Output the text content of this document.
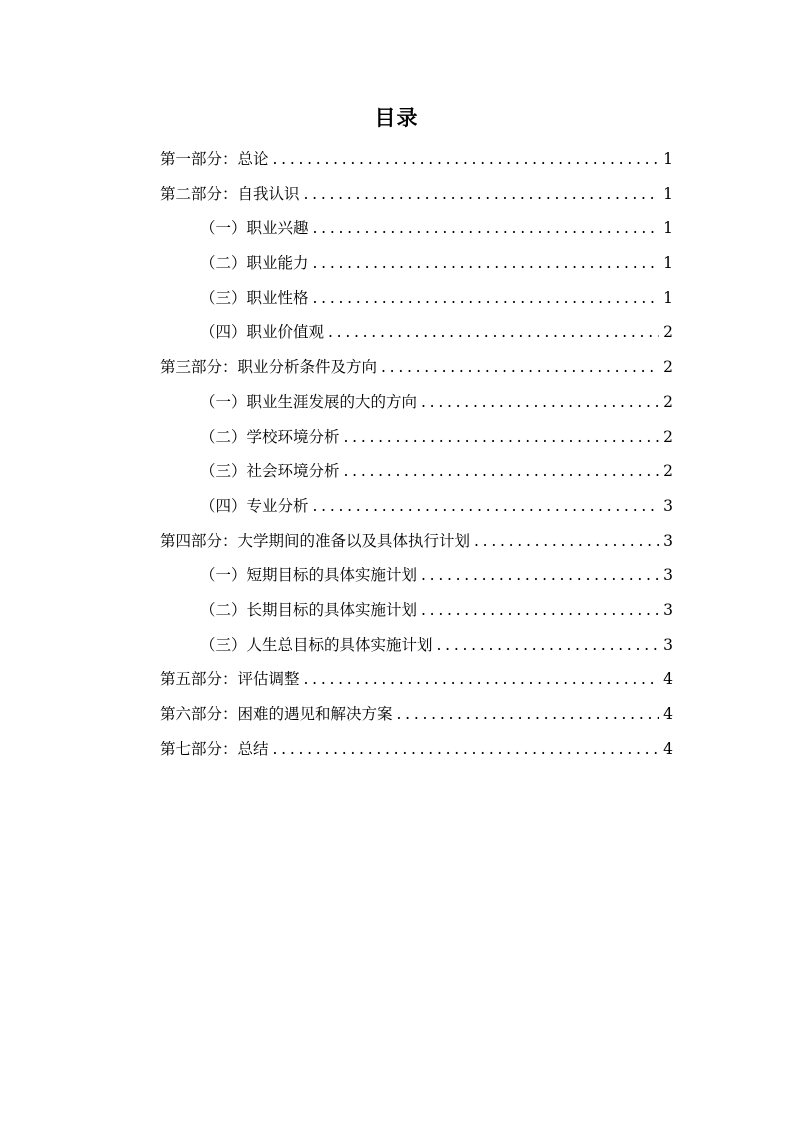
目录
第一部分：总论 . . .	1
第二部分：自我认识 . . .	1
（一）职业兴趣 . . .	1
（二）职业能力 . . .	1
（三）职业性格 . . .	1
（四）职业价值观 . . .	2
第三部分：职业分析条件及方向 . . .	2
（一）职业生涯发展的大的方向 . . .	2
（二）学校环境分析 . . .	2
（三）社会环境分析 . . .	2
（四）专业分析 . . .	3
第四部分：大学期间的准备以及具体执行计划 . . .	3
（一）短期目标的具体实施计划 . . .	3
（二）长期目标的具体实施计划 . . .	3
（三）人生总目标的具体实施计划 . . .	3
第五部分：评估调整 . . .	4
第六部分：困难的遇见和解决方案 . . .	4
第七部分：总结 . . .	4
